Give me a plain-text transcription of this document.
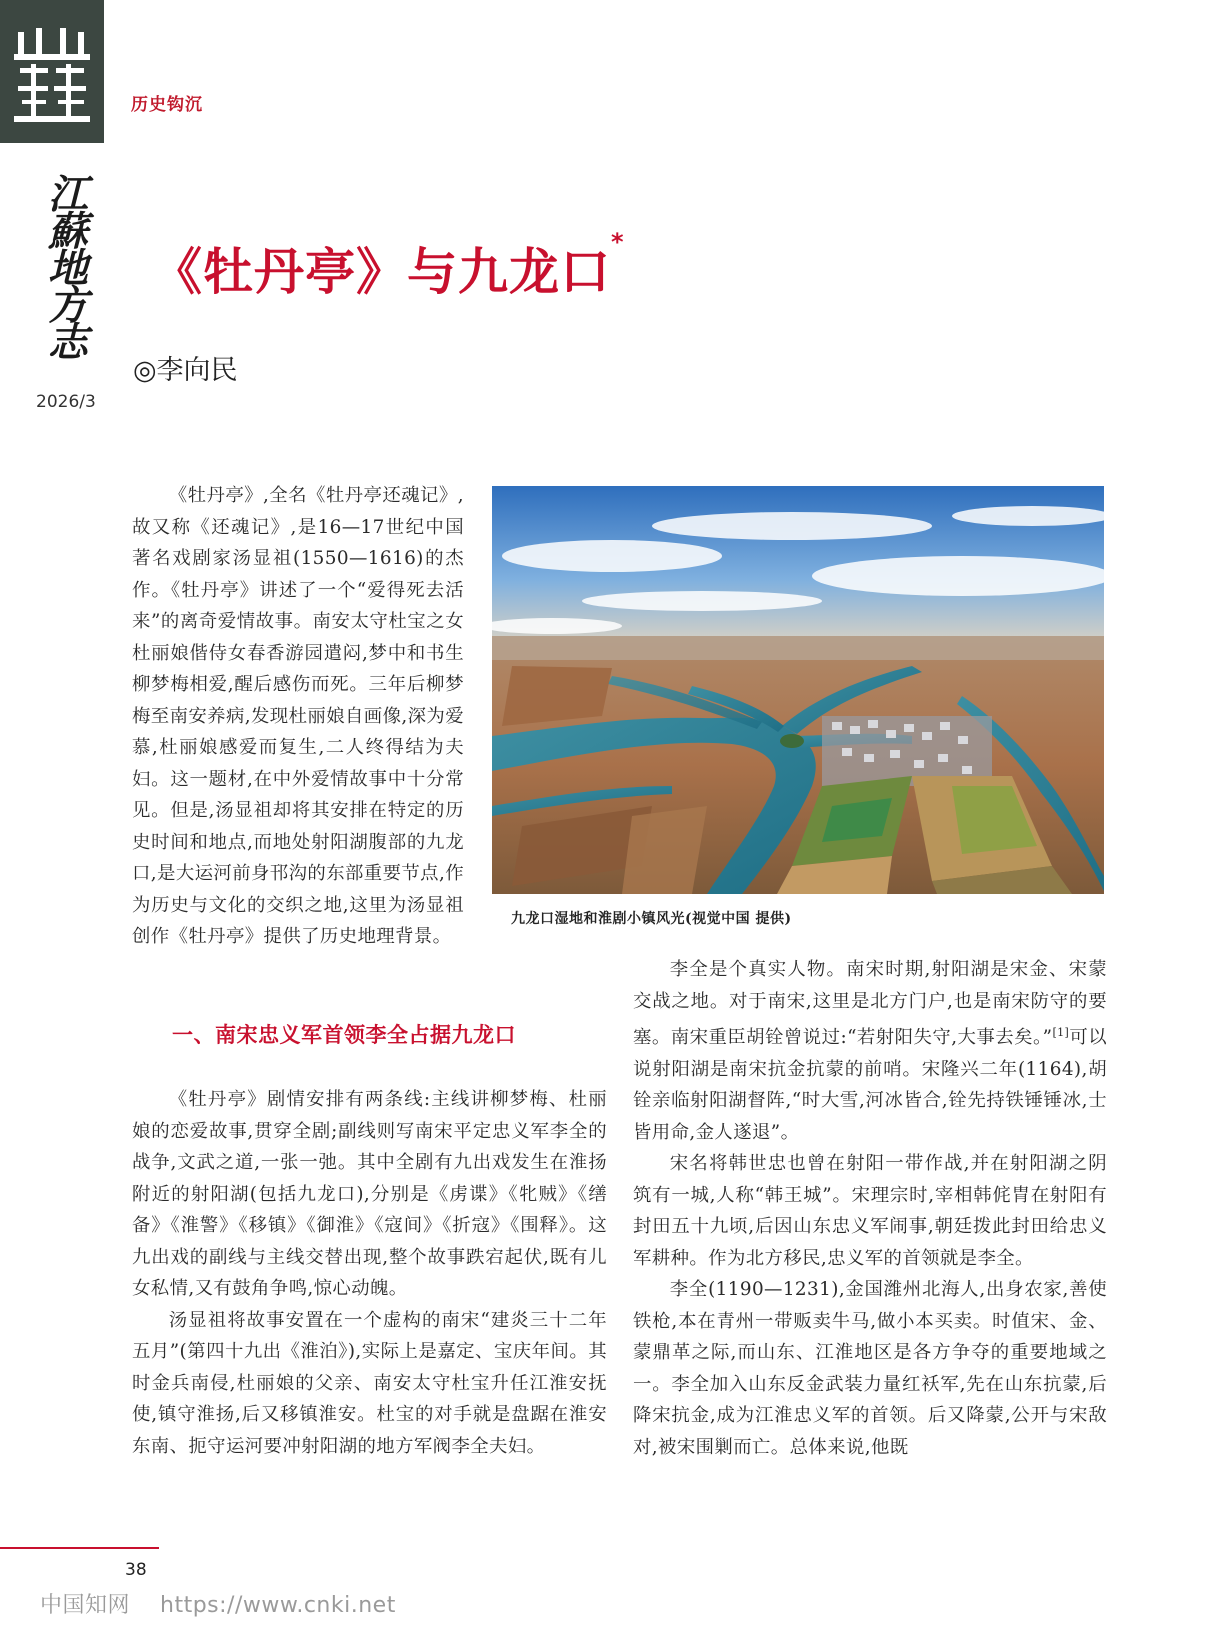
历史钩沉
江蘇地方志
2026/3
《牡丹亭》与九龙口*
◎李向民

《牡丹亭》,全名《牡丹亭还魂记》,故又称《还魂记》,是16—17世纪中国著名戏剧家汤显祖(1550—1616)的杰作。《牡丹亭》讲述了一个“爱得死去活来”的离奇爱情故事。南安太守杜宝之女杜丽娘偕侍女春香游园遣闷,梦中和书生柳梦梅相爱,醒后感伤而死。三年后柳梦梅至南安养病,发现杜丽娘自画像,深为爱慕,杜丽娘感爱而复生,二人终得结为夫妇。这一题材,在中外爱情故事中十分常见。但是,汤显祖却将其安排在特定的历史时间和地点,而地处射阳湖腹部的九龙口,是大运河前身邗沟的东部重要节点,作为历史与文化的交织之地,这里为汤显祖创作《牡丹亭》提供了历史地理背景。

九龙口湿地和淮剧小镇风光(视觉中国 提供)
一、南宋忠义军首领李全占据九龙口

《牡丹亭》剧情安排有两条线:主线讲柳梦梅、杜丽娘的恋爱故事,贯穿全剧;副线则写南宋平定忠义军李全的战争,文武之道,一张一弛。其中全剧有九出戏发生在淮扬附近的射阳湖(包括九龙口),分别是《虏谍》《牝贼》《缮备》《淮警》《移镇》《御淮》《寇间》《折寇》《围释》。这九出戏的副线与主线交替出现,整个故事跌宕起伏,既有儿女私情,又有鼓角争鸣,惊心动魄。

汤显祖将故事安置在一个虚构的南宋“建炎三十二年五月”(第四十九出《淮泊》),实际上是嘉定、宝庆年间。其时金兵南侵,杜丽娘的父亲、南安太守杜宝升任江淮安抚使,镇守淮扬,后又移镇淮安。杜宝的对手就是盘踞在淮安东南、扼守运河要冲射阳湖的地方军阀李全夫妇。

李全是个真实人物。南宋时期,射阳湖是宋金、宋蒙交战之地。对于南宋,这里是北方门户,也是南宋防守的要塞。南宋重臣胡铨曾说过:“若射阳失守,大事去矣。”[1]可以说射阳湖是南宋抗金抗蒙的前哨。宋隆兴二年(1164),胡铨亲临射阳湖督阵,“时大雪,河冰皆合,铨先持铁锤锤冰,士皆用命,金人遂退”。

宋名将韩世忠也曾在射阳一带作战,并在射阳湖之阴筑有一城,人称“韩王城”。宋理宗时,宰相韩侂胄在射阳有封田五十九顷,后因山东忠义军闹事,朝廷拨此封田给忠义军耕种。作为北方移民,忠义军的首领就是李全。

李全(1190—1231),金国潍州北海人,出身农家,善使铁枪,本在青州一带贩卖牛马,做小本买卖。时值宋、金、蒙鼎革之际,而山东、江淮地区是各方争夺的重要地域之一。李全加入山东反金武装力量红袄军,先在山东抗蒙,后降宋抗金,成为江淮忠义军的首领。后又降蒙,公开与宋敌对,被宋围剿而亡。总体来说,他既

38
中国知网 https://www.cnki.net
